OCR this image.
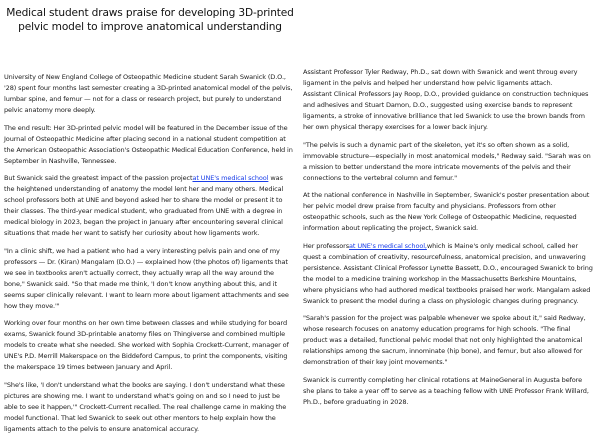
Medical student draws praise for developing 3D-printed pelvic model to improve anatomical understanding

University of New England College of Osteopathic Medicine student Sarah Swanick (D.O., '28) spent four months last semester creating a 3D-printed anatomical model of the pelvis, lumbar spine, and femur — not for a class or research project, but purely to understand pelvic anatomy more deeply.

The end result: Her 3D-printed pelvic model will be featured in the December issue of the Journal of Osteopathic Medicine after placing second in a national student competition at the American Osteopathic Association's Osteopathic Medical Education Conference, held in September in Nashville, Tennessee.

But Swanick said the greatest impact of the passion projectat UNE's medical school was the heightened understanding of anatomy the model lent her and many others. Medical school professors both at UNE and beyond asked her to share the model or present it to their classes. The third-year medical student, who graduated from UNE with a degree in medical biology in 2023, began the project in January after encountering several clinical situations that made her want to satisfy her curiosity about how ligaments work.

"In a clinic shift, we had a patient who had a very interesting pelvis pain and one of my professors — Dr. (Kiran) Mangalam (D.O.) — explained how (the photos of) ligaments that we see in textbooks aren't actually correct, they actually wrap all the way around the bone," Swanick said. "So that made me think, 'I don't know anything about this, and it seems super clinically relevant. I want to learn more about ligament attachments and see how they move.'"

Working over four months on her own time between classes and while studying for board exams, Swanick found 3D-printable anatomy files on Thingiverse and combined multiple models to create what she needed. She worked with Sophia Crockett-Current, manager of UNE's P.D. Merrill Makerspace on the Biddeford Campus, to print the components, visiting the makerspace 19 times between January and April.

"She's like, 'I don't understand what the books are saying. I don't understand what these pictures are showing me. I want to understand what's going on and so I need to just be able to see it happen,'" Crockett-Current recalled. The real challenge came in making the model functional. That led Swanick to seek out other mentors to help explain how the ligaments attach to the pelvis to ensure anatomical accuracy.

Assistant Professor Tyler Redway, Ph.D., sat down with Swanick and went throug every ligament in the pelvis and helped her understand how pelvic ligaments attach.

Assistant Clinical Professors Jay Roop, D.O., provided guidance on construction techniques and adhesives and Stuart Damon, D.O., suggested using exercise bands to represent ligaments, a stroke of innovative brilliance that led Swanick to use the brown bands from her own physical therapy exercises for a lower back injury.

"The pelvis is such a dynamic part of the skeleton, yet it's so often shown as a solid, immovable structure—especially in most anatomical models," Redway said. "Sarah was on a mission to better understand the more intricate movements of the pelvis and their connections to the vertebral column and femur."

At the national conference in Nashville in September, Swanick's poster presentation about her pelvic model drew praise from faculty and physicians. Professors from other osteopathic schools, such as the New York College of Osteopathic Medicine, requested information about replicating the project, Swanick said.

Her professorsat UNE's medical school,which is Maine's only medical school, called her quest a combination of creativity, resourcefulness, anatomical precision, and unwavering persistence. Assistant Clinical Professor Lynette Bassett, D.O., encouraged Swanick to bring the model to a medicine training workshop in the Massachusetts Berkshire Mountains, where physicians who had authored medical textbooks praised her work. Mangalam asked Swanick to present the model during a class on physiologic changes during pregnancy.

"Sarah's passion for the project was palpable whenever we spoke about it," said Redway, whose research focuses on anatomy education programs for high schools. "The final product was a detailed, functional pelvic model that not only highlighted the anatomical relationships among the sacrum, innominate (hip bone), and femur, but also allowed for demonstration of their key joint movements."

Swanick is currently completing her clinical rotations at MaineGeneral in Augusta before she plans to take a year off to serve as a teaching fellow with UNE Professor Frank Willard, Ph.D., before graduating in 2028.
